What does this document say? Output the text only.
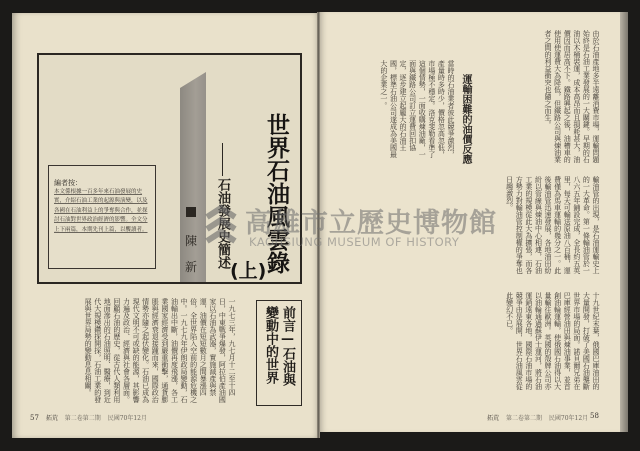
世界石油風雲錄
(上)
石油發展史簡述
陳
新
編者按：
本文係根據一百多年來石油發展的史實，介紹石油工業的起源與演變，以及各國在石油利益上的爭奪與合作，並探討石油對世界政治經濟的影響。全文分上下兩篇，本期先刊上篇，以饗讀者。
一九七三年，九七月十二至十四日，中東戰爭爆發，阿拉伯產油國家以石油為武器，實施減產與禁運，油價在短短數月之間暴漲四倍，全世界陷入空前的能源危機之中。一九七九年伊朗政局變動，石油輸出中斷，油價再度飛漲，各工業國家經濟受到嚴重衝擊，通貨膨脹與經濟衰退接踵而來，國際政治情勢亦隨之起伏變化。石油已成為現代文明不可或缺的能源，其影響力遍及政治、經濟與社會各層面。回顧石油的歷史，從古代人類利用地面滲出的石油照明、醫療，到近代大規模鑽探開採，石油工業的發展與世界局勢的變動息息相關。	前言—石油與
變動中的世界
當時的石油業者彼此競爭激烈，產量時多時少，價格忽高忽低，市場極不穩定。洛克斐勒看準了這個情勢，一面收購煉油廠，一面與鐵路公司訂立運費回扣協定，逐步建立起龐大的石油王國，標準石油公司遂成為美國最大的企業之一。	運輸困難的油價反應	由於石油產地多半遠離消費市場，運輸問題始終是石油工業發展的一大關鍵。早期的石油以木桶裝運，成本高昂而且損耗甚大，油價因而居高不下。鐵路興起之後，油槽車的使用使運費大為降低，但鐵路公司與煉油業者之間的利益衝突也隨之而生。
輸油管的出現，是石油運輸史上的一大革命。第一條輸油管於一八六五年鋪設完成，全長約五英里，每天可輸送原油八百桶，運費僅為馬車運輸的幾分之一。此後輸油管迅速發展，各地油田紛紛以管線與煉油中心相連，石油工業的規模從此大為擴張，而各方勢力對輸油管控制權的爭奪也日趨激烈。
十九世紀末葉，俄國巴庫油田的大量開發，打破了美國石油壟斷世界市場的局面。諾貝爾兄弟在巴庫經營油田與煉油事業，並首創油輪運輸，使俄國石油得以大量輸往歐洲。英國的殼牌公司亦以油輪通過蘇伊士運河，將石油運銷遠東各地，國際石油市場的競爭由是展開，世界石油風雲從此變幻不已。
57 拓荒 第二卷第二期 民國70年12月	拓荒 第二卷第二期 民國70年12月 58
高雄市立歷史博物館
KAOHSIUNG MUSEUM OF HISTORY
